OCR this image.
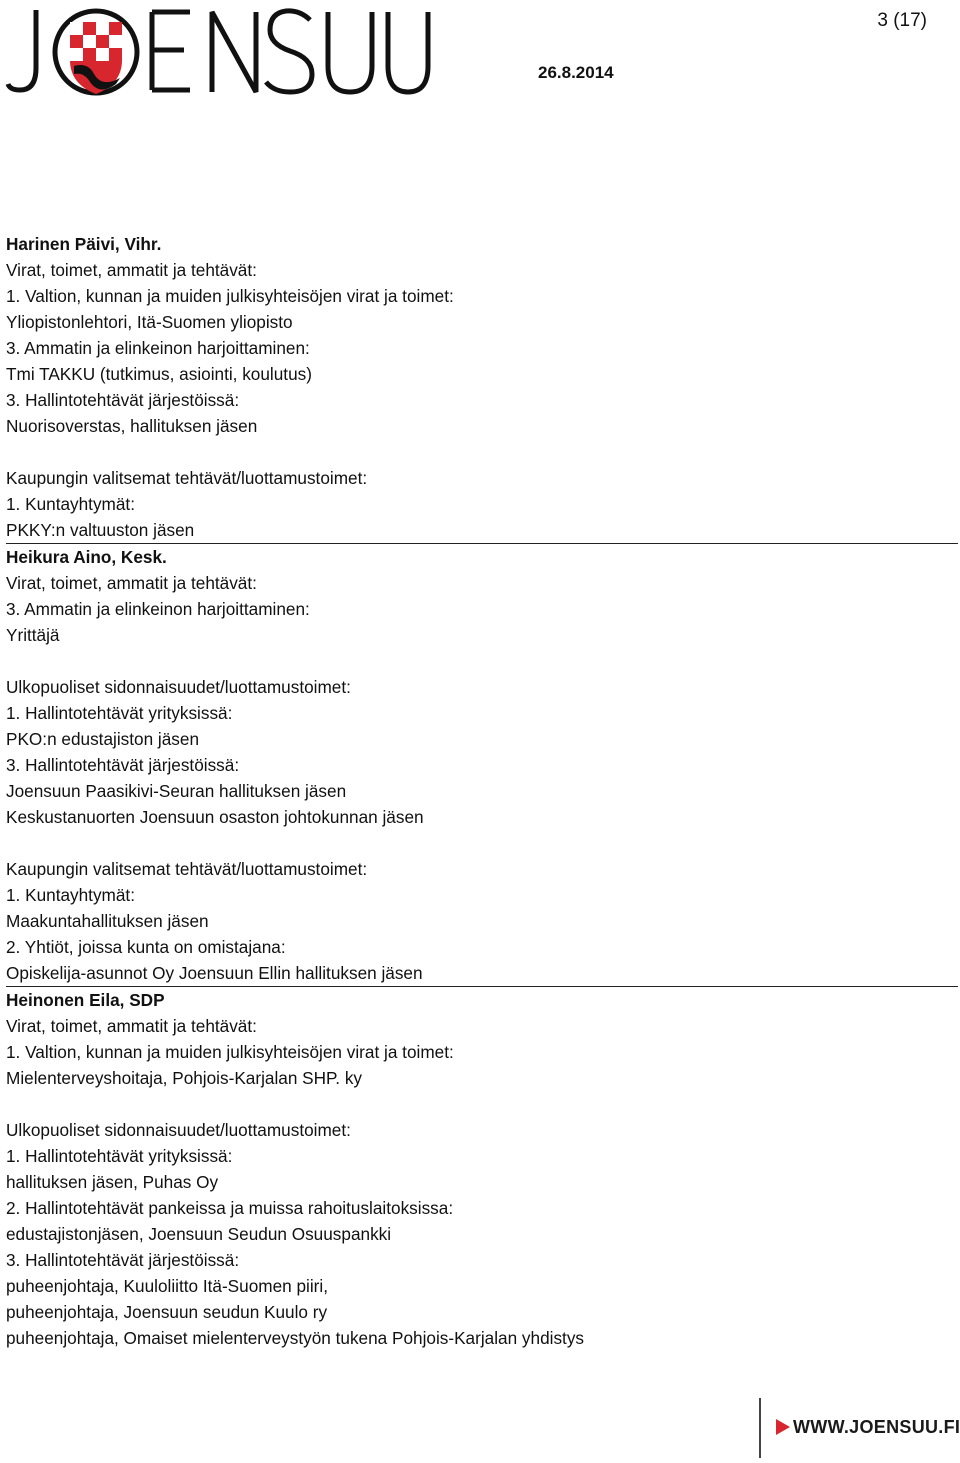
3 (17)
26.8.2014
Harinen Päivi, Vihr.
Virat, toimet, ammatit ja tehtävät:
1. Valtion, kunnan ja muiden julkisyhteisöjen virat ja toimet:
Yliopistonlehtori, Itä-Suomen yliopisto
3. Ammatin ja elinkeinon harjoittaminen:
Tmi TAKKU (tutkimus, asiointi, koulutus)
3. Hallintotehtävät järjestöissä:
Nuorisoverstas, hallituksen jäsen
Kaupungin valitsemat tehtävät/luottamustoimet:
1. Kuntayhtymät:
PKKY:n valtuuston jäsen
Heikura Aino, Kesk.
Virat, toimet, ammatit ja tehtävät:
3. Ammatin ja elinkeinon harjoittaminen:
Yrittäjä
Ulkopuoliset sidonnaisuudet/luottamustoimet:
1. Hallintotehtävät yrityksissä:
PKO:n edustajiston jäsen
3. Hallintotehtävät järjestöissä:
Joensuun Paasikivi-Seuran hallituksen jäsen
Keskustanuorten Joensuun osaston johtokunnan jäsen
Kaupungin valitsemat tehtävät/luottamustoimet:
1. Kuntayhtymät:
Maakuntahallituksen jäsen
2. Yhtiöt, joissa kunta on omistajana:
Opiskelija-asunnot Oy Joensuun Ellin hallituksen jäsen
Heinonen Eila, SDP
Virat, toimet, ammatit ja tehtävät:
1. Valtion, kunnan ja muiden julkisyhteisöjen virat ja toimet:
Mielenterveyshoitaja, Pohjois-Karjalan SHP. ky
Ulkopuoliset sidonnaisuudet/luottamustoimet:
1. Hallintotehtävät yrityksissä:
hallituksen jäsen, Puhas Oy
2. Hallintotehtävät pankeissa ja muissa rahoituslaitoksissa:
edustajistonjäsen, Joensuun Seudun Osuuspankki
3. Hallintotehtävät järjestöissä:
puheenjohtaja, Kuuloliitto Itä-Suomen piiri,
puheenjohtaja, Joensuun seudun Kuulo ry
puheenjohtaja, Omaiset mielenterveystyön tukena Pohjois-Karjalan yhdistys
WWW.JOENSUU.FI
